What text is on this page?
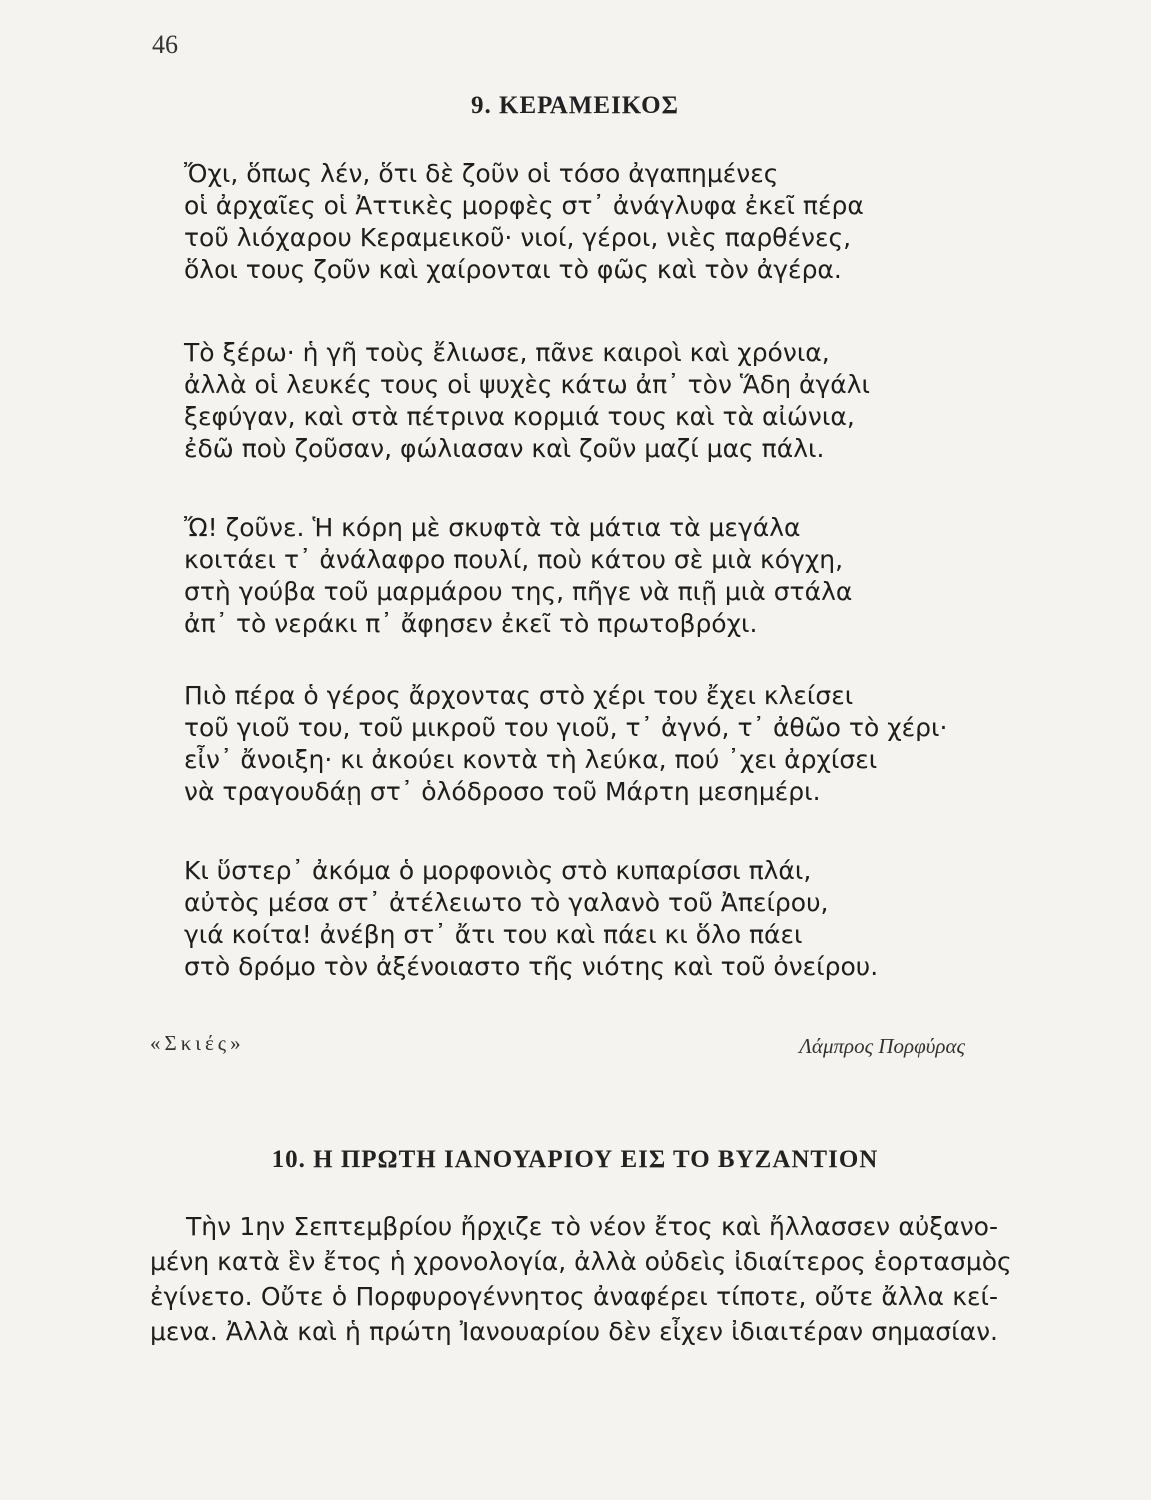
46
9. ΚΕΡΑΜΕΙΚΟΣ
Ὄχι, ὅπως λέν, ὅτι δὲ ζοῦν οἱ τόσο ἀγαπημένες
οἱ ἀρχαῖες οἱ Ἀττικὲς μορφὲς στ᾽ ἀνάγλυφα ἐκεῖ πέρα
τοῦ λιόχαρου Κεραμεικοῦ· νιοί, γέροι, νιὲς παρθένες,
ὅλοι τους ζοῦν καὶ χαίρονται τὸ φῶς καὶ τὸν ἀγέρα.
Τὸ ξέρω· ἡ γῆ τοὺς ἔλιωσε, πᾶνε καιροὶ καὶ χρόνια,
ἀλλὰ οἱ λευκές τους οἱ ψυχὲς κάτω ἀπ᾽ τὸν Ἅδη ἀγάλι
ξεφύγαν, καὶ στὰ πέτρινα κορμιά τους καὶ τὰ αἰώνια,
ἐδῶ ποὺ ζοῦσαν, φώλιασαν καὶ ζοῦν μαζί μας πάλι.
Ὤ! ζοῦνε. Ἡ κόρη μὲ σκυφτὰ τὰ μάτια τὰ μεγάλα
κοιτάει τ᾽ ἀνάλαφρο πουλί, ποὺ κάτου σὲ μιὰ κόγχη,
στὴ γούβα τοῦ μαρμάρου της, πῆγε νὰ πιῇ μιὰ στάλα
ἀπ᾽ τὸ νεράκι π᾽ ἄφησεν ἐκεῖ τὸ πρωτοβρόχι.
Πιὸ πέρα ὁ γέρος ἄρχοντας στὸ χέρι του ἔχει κλείσει
τοῦ γιοῦ του, τοῦ μικροῦ του γιοῦ, τ᾽ ἀγνό, τ᾽ ἀθῶο τὸ χέρι·
εἶν᾽ ἄνοιξη· κι ἀκούει κοντὰ τὴ λεύκα, πού ᾽χει ἀρχίσει
νὰ τραγουδάῃ στ᾽ ὁλόδροσο τοῦ Μάρτη μεσημέρι.
Κι ὕστερ᾽ ἀκόμα ὁ μορφονιὸς στὸ κυπαρίσσι πλάι,
αὐτὸς μέσα στ᾽ ἀτέλειωτο τὸ γαλανὸ τοῦ Ἀπείρου,
γιά κοίτα! ἀνέβη στ᾽ ἄτι του καὶ πάει κι ὅλο πάει
στὸ δρόμο τὸν ἀξένοιαστο τῆς νιότης καὶ τοῦ ὀνείρου.
«Σκιές»	Λάμπρος Πορφύρας
10. Η ΠΡΩΤΗ ΙΑΝΟΥΑΡΙΟΥ ΕΙΣ ΤΟ ΒΥΖΑΝΤΙΟΝ
Τὴν 1ην Σεπτεμβρίου ἤρχιζε τὸ νέον ἔτος καὶ ἤλλασσεν αὐξανο-
μένη κατὰ ἓν ἔτος ἡ χρονολογία, ἀλλὰ οὐδεὶς ἰδιαίτερος ἑορτασμὸς
ἐγίνετο. Οὔτε ὁ Πορφυρογέννητος ἀναφέρει τίποτε, οὔτε ἄλλα κεί-
μενα. Ἀλλὰ καὶ ἡ πρώτη Ἰανουαρίου δὲν εἶχεν ἰδιαιτέραν σημασίαν.
